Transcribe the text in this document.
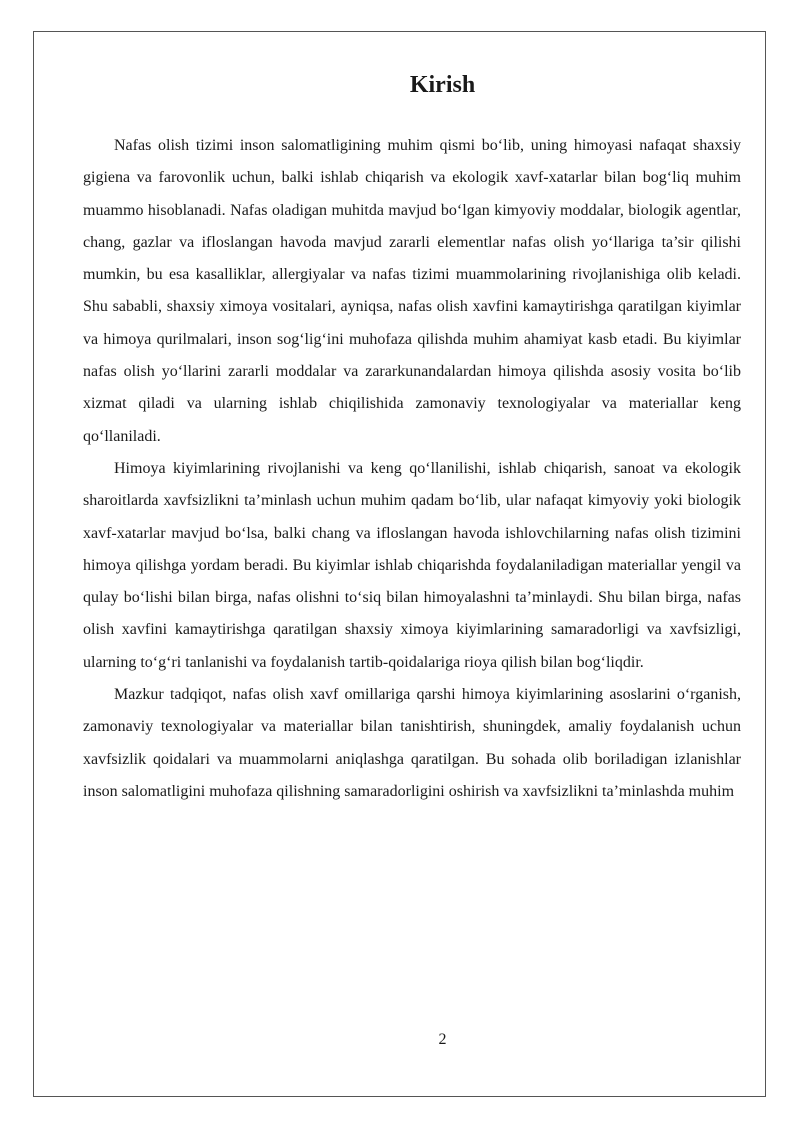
Kirish

Nafas olish tizimi inson salomatligining muhim qismi bo‘lib, uning himoyasi nafaqat shaxsiy gigiena va farovonlik uchun, balki ishlab chiqarish va ekologik xavf-xatarlar bilan bog‘liq muhim muammo hisoblanadi. Nafas oladigan muhitda mavjud bo‘lgan kimyoviy moddalar, biologik agentlar, chang, gazlar va ifloslangan havoda mavjud zararli elementlar nafas olish yo‘llariga ta’sir qilishi mumkin, bu esa kasalliklar, allergiyalar va nafas tizimi muammolarining rivojlanishiga olib keladi. Shu sababli, shaxsiy ximoya vositalari, ayniqsa, nafas olish xavfini kamaytirishga qaratilgan kiyimlar va himoya qurilmalari, inson sog‘lig‘ini muhofaza qilishda muhim ahamiyat kasb etadi. Bu kiyimlar nafas olish yo‘llarini zararli moddalar va zararkunandalardan himoya qilishda asosiy vosita bo‘lib xizmat qiladi va ularning ishlab chiqilishida zamonaviy texnologiyalar va materiallar keng qo‘llaniladi.

Himoya kiyimlarining rivojlanishi va keng qo‘llanilishi, ishlab chiqarish, sanoat va ekologik sharoitlarda xavfsizlikni ta’minlash uchun muhim qadam bo‘lib, ular nafaqat kimyoviy yoki biologik xavf-xatarlar mavjud bo‘lsa, balki chang va ifloslangan havoda ishlovchilarning nafas olish tizimini himoya qilishga yordam beradi. Bu kiyimlar ishlab chiqarishda foydalaniladigan materiallar yengil va qulay bo‘lishi bilan birga, nafas olishni to‘siq bilan himoyalashni ta’minlaydi. Shu bilan birga, nafas olish xavfini kamaytirishga qaratilgan shaxsiy ximoya kiyimlarining samaradorligi va xavfsizligi, ularning to‘g‘ri tanlanishi va foydalanish tartib-qoidalariga rioya qilish bilan bog‘liqdir.

Mazkur tadqiqot, nafas olish xavf omillariga qarshi himoya kiyimlarining asoslarini o‘rganish, zamonaviy texnologiyalar va materiallar bilan tanishtirish, shuningdek, amaliy foydalanish uchun xavfsizlik qoidalari va muammolarni aniqlashga qaratilgan. Bu sohada olib boriladigan izlanishlar inson salomatligini muhofaza qilishning samaradorligini oshirish va xavfsizlikni ta’minlashda muhim

2
